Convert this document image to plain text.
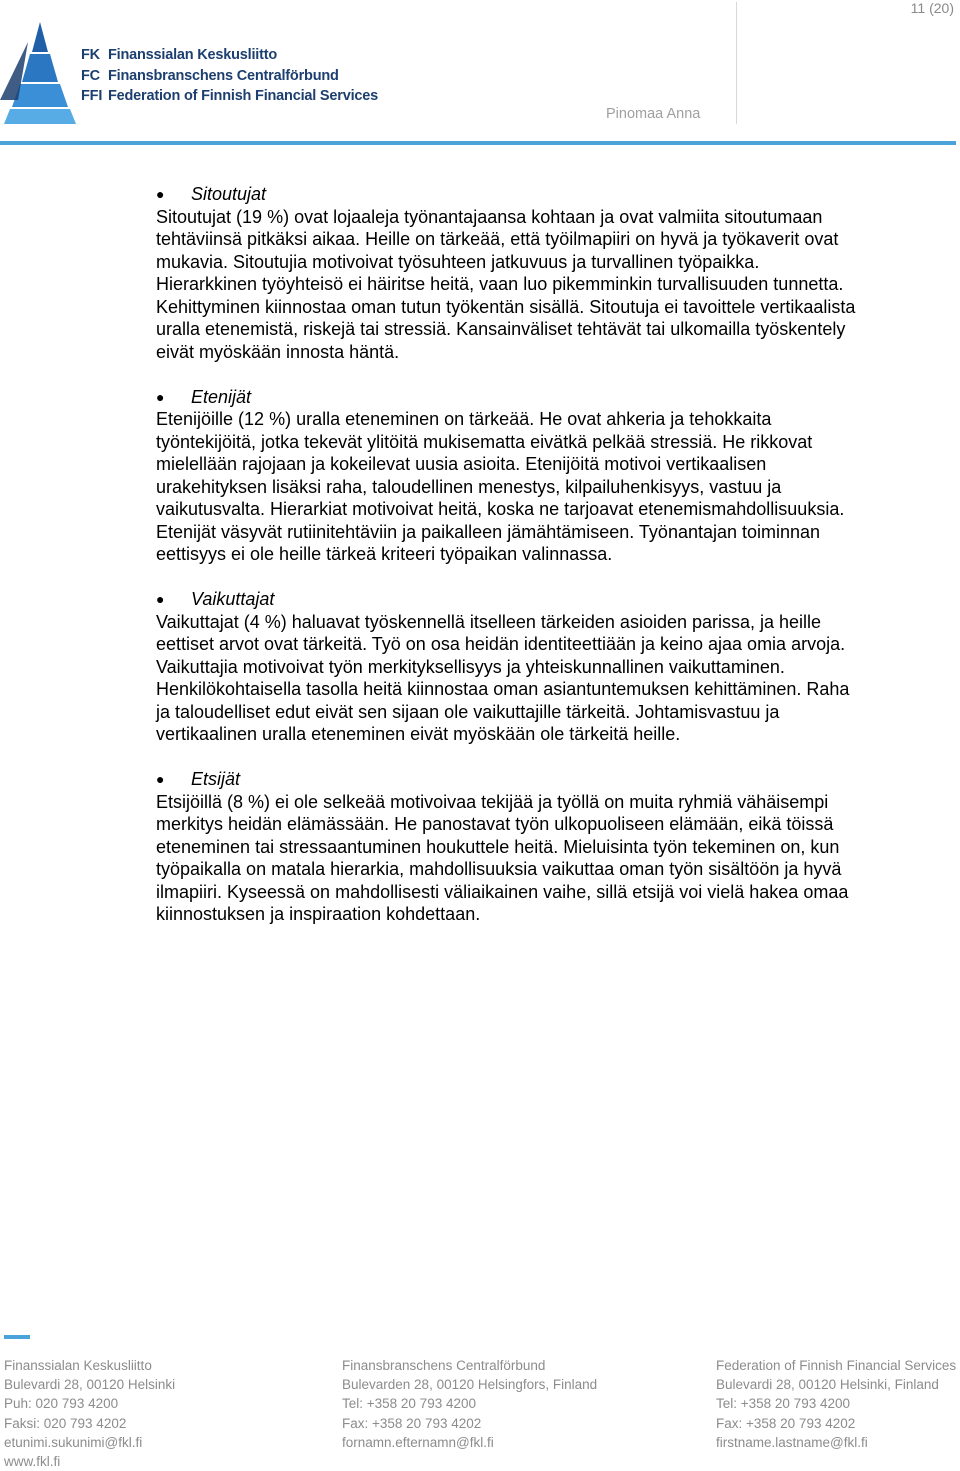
11 (20)
FK Finanssialan Keskusliitto
FC Finansbranschens Centralförbund
FFI Federation of Finnish Financial Services
Pinomaa Anna
● Sitoutujat

Sitoutujat (19 %) ovat lojaaleja työnantajaansa kohtaan ja ovat valmiita sitoutumaan
tehtäviinsä pitkäksi aikaa. Heille on tärkeää, että työilmapiiri on hyvä ja työkaverit ovat
mukavia. Sitoutujia motivoivat työsuhteen jatkuvuus ja turvallinen työpaikka.
Hierarkkinen työyhteisö ei häiritse heitä, vaan luo pikemminkin turvallisuuden tunnetta.
Kehittyminen kiinnostaa oman tutun työkentän sisällä. Sitoutuja ei tavoittele vertikaalista
uralla etenemistä, riskejä tai stressiä. Kansainväliset tehtävät tai ulkomailla työskentely
eivät myöskään innosta häntä.

● Etenijät

Etenijöille (12 %) uralla eteneminen on tärkeää. He ovat ahkeria ja tehokkaita
työntekijöitä, jotka tekevät ylitöitä mukisematta eivätkä pelkää stressiä. He rikkovat
mielellään rajojaan ja kokeilevat uusia asioita. Etenijöitä motivoi vertikaalisen
urakehityksen lisäksi raha, taloudellinen menestys, kilpailuhenkisyys, vastuu ja
vaikutusvalta. Hierarkiat motivoivat heitä, koska ne tarjoavat etenemismahdollisuuksia.
Etenijät väsyvät rutiinitehtäviin ja paikalleen jämähtämiseen. Työnantajan toiminnan
eettisyys ei ole heille tärkeä kriteeri työpaikan valinnassa.

● Vaikuttajat

Vaikuttajat (4 %) haluavat työskennellä itselleen tärkeiden asioiden parissa, ja heille
eettiset arvot ovat tärkeitä. Työ on osa heidän identiteettiään ja keino ajaa omia arvoja.
Vaikuttajia motivoivat työn merkityksellisyys ja yhteiskunnallinen vaikuttaminen.
Henkilökohtaisella tasolla heitä kiinnostaa oman asiantuntemuksen kehittäminen. Raha
ja taloudelliset edut eivät sen sijaan ole vaikuttajille tärkeitä. Johtamisvastuu ja
vertikaalinen uralla eteneminen eivät myöskään ole tärkeitä heille.

● Etsijät

Etsijöillä (8 %) ei ole selkeää motivoivaa tekijää ja työllä on muita ryhmiä vähäisempi
merkitys heidän elämässään. He panostavat työn ulkopuoliseen elämään, eikä töissä
eteneminen tai stressaantuminen houkuttele heitä. Mieluisinta työn tekeminen on, kun
työpaikalla on matala hierarkia, mahdollisuuksia vaikuttaa oman työn sisältöön ja hyvä
ilmapiiri. Kyseessä on mahdollisesti väliaikainen vaihe, sillä etsijä voi vielä hakea omaa
kiinnostuksen ja inspiraation kohdettaan.

Finanssialan Keskusliitto
Bulevardi 28, 00120 Helsinki
Puh: 020 793 4200
Faksi: 020 793 4202
etunimi.sukunimi@fkl.fi
www.fkl.fi
Finansbranschens Centralförbund
Bulevarden 28, 00120 Helsingfors, Finland
Tel: +358 20 793 4200
Fax: +358 20 793 4202
fornamn.efternamn@fkl.fi
Federation of Finnish Financial Services
Bulevardi 28, 00120 Helsinki, Finland
Tel: +358 20 793 4200
Fax: +358 20 793 4202
firstname.lastname@fkl.fi
